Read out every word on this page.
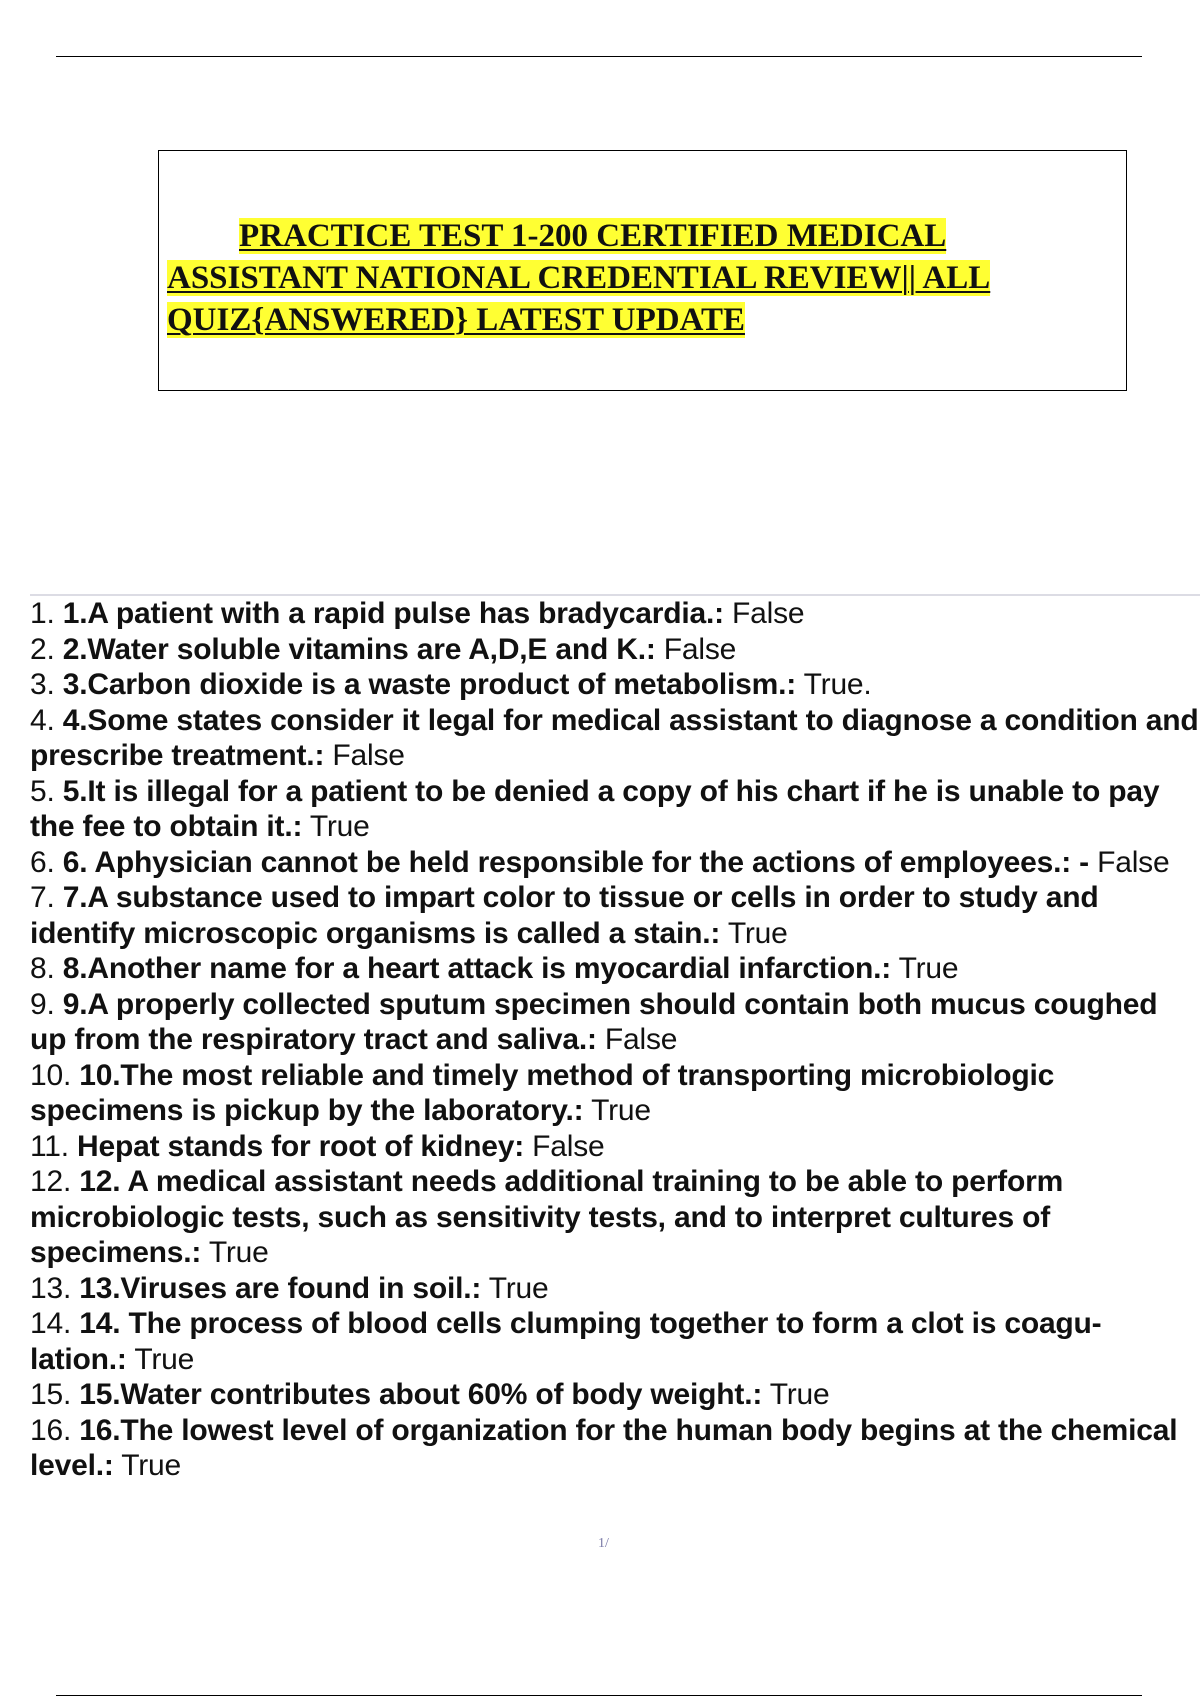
PRACTICE TEST 1-200 CERTIFIED MEDICAL ASSISTANT NATIONAL CREDENTIAL REVIEW|| ALL QUIZ{ANSWERED} LATEST UPDATE

1. 1.A patient with a rapid pulse has bradycardia.: False
2. 2.Water soluble vitamins are A,D,E and K.: False
3. 3.Carbon dioxide is a waste product of metabolism.: True.
4. 4.Some states consider it legal for medical assistant to diagnose a condition and prescribe treatment.: False
5. 5.It is illegal for a patient to be denied a copy of his chart if he is unable to pay the fee to obtain it.: True
6. 6. Aphysician cannot be held responsible for the actions of employees.: - False
7. 7.A substance used to impart color to tissue or cells in order to study and identify microscopic organisms is called a stain.: True
8. 8.Another name for a heart attack is myocardial infarction.: True
9. 9.A properly collected sputum specimen should contain both mucus coughed up from the respiratory tract and saliva.: False
10. 10.The most reliable and timely method of transporting microbiologic specimens is pickup by the laboratory.: True
11. Hepat stands for root of kidney: False
12. 12. A medical assistant needs additional training to be able to perform microbiologic tests, such as sensitivity tests, and to interpret cultures of specimens.: True
13. 13.Viruses are found in soil.: True
14. 14. The process of blood cells clumping together to form a clot is coagu- lation.: True
15. 15.Water contributes about 60% of body weight.: True
16. 16.The lowest level of organization for the human body begins at the chemical level.: True
1/
